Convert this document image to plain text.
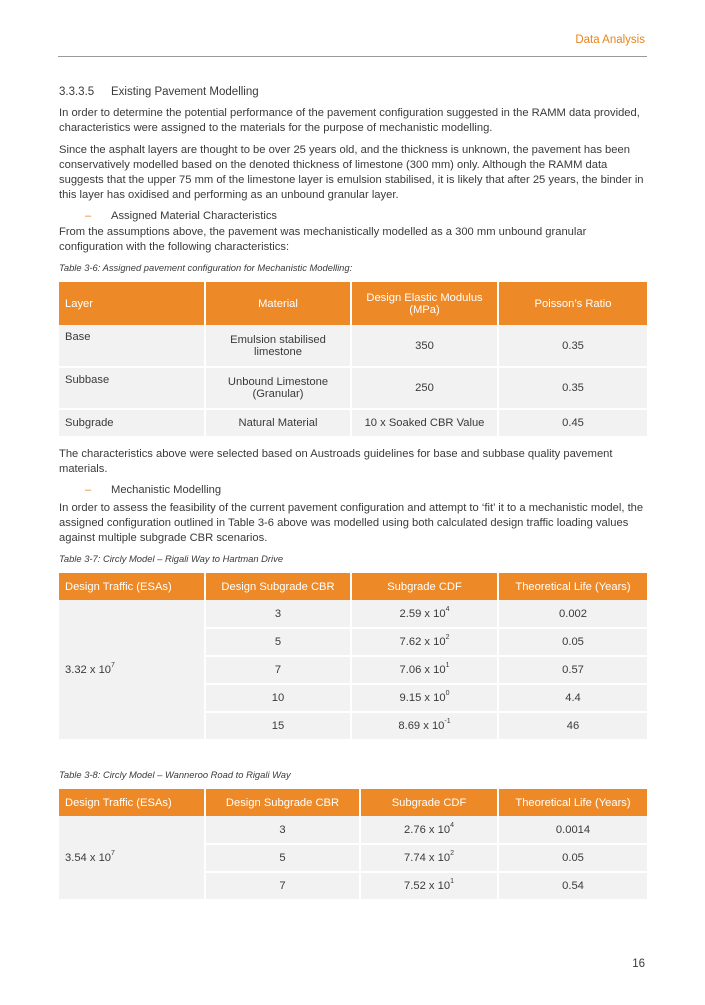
Data Analysis
3.3.3.5 Existing Pavement Modelling

In order to determine the potential performance of the pavement configuration suggested in the RAMM data provided, characteristics were assigned to the materials for the purpose of mechanistic modelling.

Since the asphalt layers are thought to be over 25 years old, and the thickness is unknown, the pavement has been conservatively modelled based on the denoted thickness of limestone (300 mm) only. Although the RAMM data suggests that the upper 75 mm of the limestone layer is emulsion stabilised, it is likely that after 25 years, the binder in this layer has oxidised and performing as an unbound granular layer.

– Assigned Material Characteristics

From the assumptions above, the pavement was mechanistically modelled as a 300 mm unbound granular configuration with the following characteristics:

Table 3-6: Assigned pavement configuration for Mechanistic Modelling:
Layer	Material	Design Elastic Modulus (MPa)	Poisson’s Ratio
Base	Emulsion stabilised limestone	350	0.35
Subbase	Unbound Limestone (Granular)	250	0.35
Subgrade	Natural Material	10 x Soaked CBR Value	0.45

The characteristics above were selected based on Austroads guidelines for base and subbase quality pavement materials.

– Mechanistic Modelling

In order to assess the feasibility of the current pavement configuration and attempt to ‘fit’ it to a mechanistic model, the assigned configuration outlined in Table 3-6 above was modelled using both calculated design traffic loading values against multiple subgrade CBR scenarios.

Table 3-7: Circly Model – Rigali Way to Hartman Drive
Design Traffic (ESAs)	Design Subgrade CBR	Subgrade CDF	Theoretical Life (Years)
3.32 x $10^7$	3	2.59 x $10^4$	0.002
	5	7.62 x $10^2$	0.05
	7	7.06 x $10^1$	0.57
	10	9.15 x $10^0$	4.4
	15	8.69 x $10^{-1}$	46
Table 3-8: Circly Model – Wanneroo Road to Rigali Way
Design Traffic (ESAs)	Design Subgrade CBR	Subgrade CDF	Theoretical Life (Years)
3.54 x $10^7$	3	2.76 x $10^4$	0.0014
	5	7.74 x $10^2$	0.05
	7	7.52 x $10^1$	0.54
16
